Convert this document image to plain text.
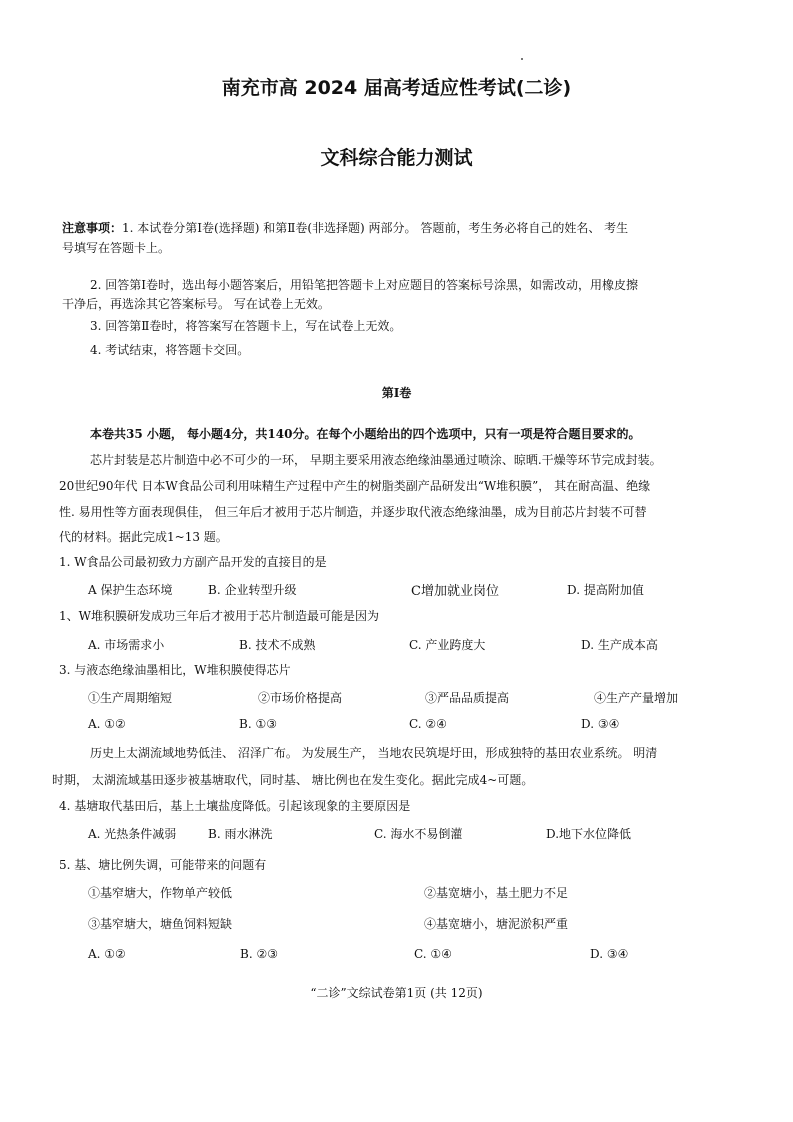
南充市高 2024 届高考适应性考试(二诊)
文科综合能力测试
注意事项：1. 本试卷分第Ⅰ卷(选择题) 和第Ⅱ卷(非选择题) 两部分。 答题前，考生务必将自己的姓名、 考生
号填写在答题卡上。
2. 回答第Ⅰ卷时，选出每小题答案后，用铅笔把答题卡上对应题目的答案标号涂黑，如需改动，用橡皮擦
干净后，再选涂其它答案标号。 写在试卷上无效。
3. 回答第Ⅱ卷时，将答案写在答题卡上，写在试卷上无效。
4. 考试结束，将答题卡交回。
第Ⅰ卷
本卷共35 小题， 每小题4分，共140分。在每个小题给出的四个选项中，只有一项是符合题目要求的。
芯片封装是芯片制造中必不可少的一环， 早期主要采用液态绝缘油墨通过喷涂、晾晒.干燥等环节完成封装。
20世纪90年代 日本W食品公司利用味精生产过程中产生的树脂类副产品研发出“W堆积膜”， 其在耐高温、绝缘
性. 易用性等方面表现俱佳， 但三年后才被用于芯片制造，并逐步取代液态绝缘油墨，成为目前芯片封装不可替
代的材料。据此完成1~13 题。
1. W食品公司最初致力方副产品开发的直接目的是
A 保护生态环境	B. 企业转型升级	C增加就业岗位	D. 提高附加值
1、W堆积膜研发成功三年后才被用于芯片制造最可能是因为
A. 市场需求小	B. 技术不成熟	C. 产业跨度大	D. 生产成本高
3. 与液态绝缘油墨相比，W堆积膜使得芯片
①生产周期缩短	②市场价格提高	③严品品质提高	④生产产量增加
A. ①②	B. ①③	C. ②④	D. ③④
历史上太湖流域地势低洼、 沼泽广布。 为发展生产， 当地农民筑堤圩田，形成独特的基田农业系统。 明清
时期， 太湖流域基田逐步被基塘取代，同时基、 塘比例也在发生变化。据此完成4~可题。
4. 基塘取代基田后，基上土壤盐度降低。引起该现象的主要原因是
A. 光热条件减弱	B. 雨水淋洗	C. 海水不易倒灌	D.地下水位降低
5. 基、塘比例失调，可能带来的问题有
①基窄塘大，作物单产较低	②基宽塘小，基土肥力不足
③基窄塘大，塘鱼饲料短缺	④基宽塘小，塘泥淤积严重
A. ①②	B. ②③	C. ①④	D. ③④
“二诊”文综试卷第1页 (共 12页)
